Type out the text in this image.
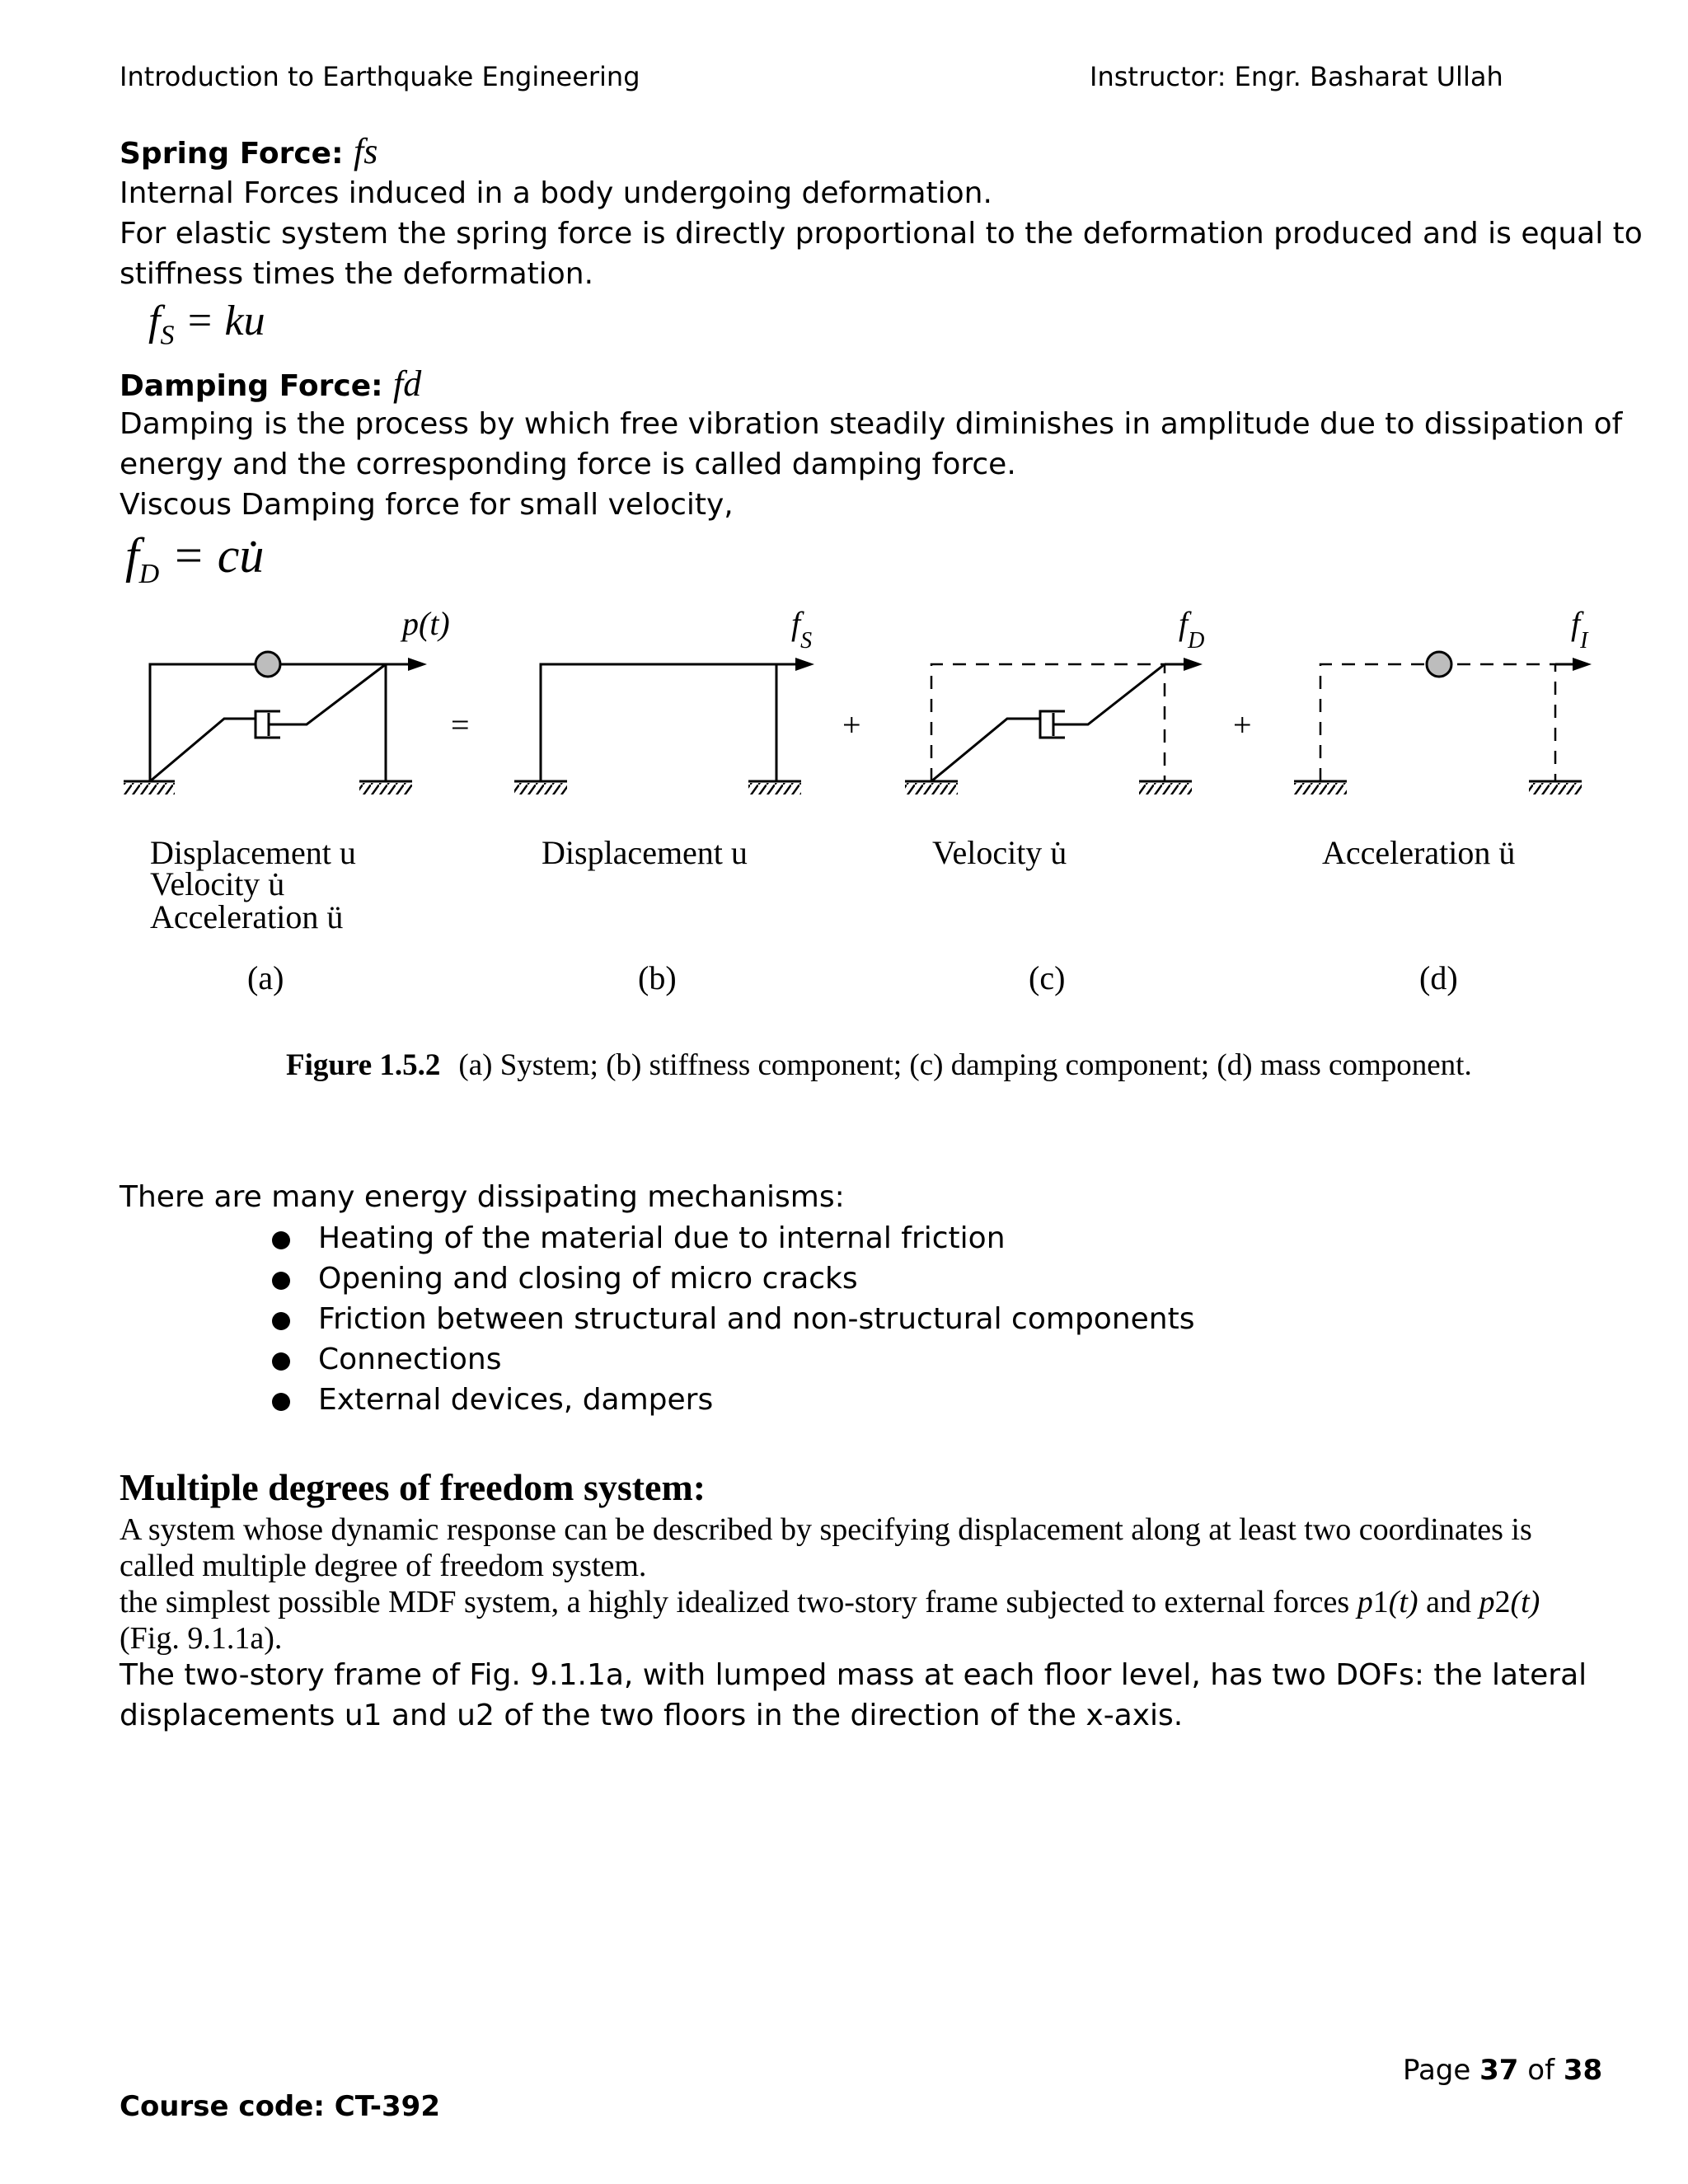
Introduction to Earthquake Engineering	Instructor: Engr. Basharat Ullah
Spring Force: fs
Internal Forces induced in a body undergoing deformation.
For elastic system the spring force is directly proportional to the deformation produced and is equal to
stiffness times the deformation.
$f_S$ = ku
Damping Force: fd
Damping is the process by which free vibration steadily diminishes in amplitude due to dissipation of
energy and the corresponding force is called damping force.
Viscous Damping force for small velocity,
$f_D$ = cu̇
p(t)
=
$f_S$
+
$f_D$
+
$f_I$
Displacement u
Velocity u̇
Acceleration ü
Displacement u	Velocity u̇	Acceleration ü
(a)	(b)	(c)	(d)
Figure 1.5.2 (a) System; (b) stiffness component; (c) damping component; (d) mass component.
There are many energy dissipating mechanisms:
Heating of the material due to internal friction
Opening and closing of micro cracks
Friction between structural and non-structural components
Connections
External devices, dampers
Multiple degrees of freedom system:
A system whose dynamic response can be described by specifying displacement along at least two coordinates is
called multiple degree of freedom system.
the simplest possible MDF system, a highly idealized two-story frame subjected to external forces p1(t) and p2(t)
(Fig. 9.1.1a).
The two-story frame of Fig. 9.1.1a, with lumped mass at each floor level, has two DOFs: the lateral
displacements u1 and u2 of the two floors in the direction of the x-axis.
Page 37 of 38
Course code: CT-392
